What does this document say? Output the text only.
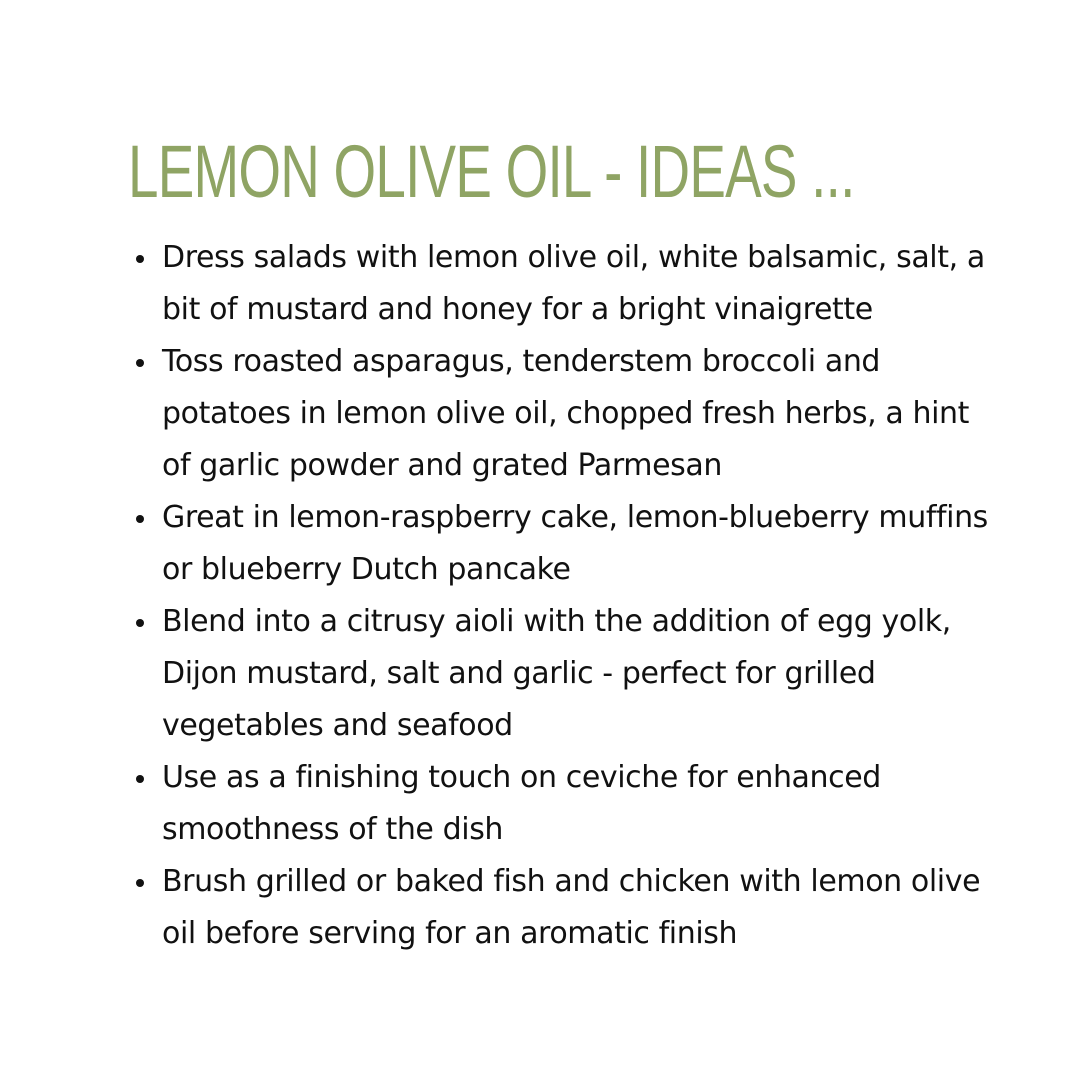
LEMON OLIVE OIL - IDEAS ...
Dress salads with lemon olive oil, white balsamic, salt, a bit of mustard and honey for a bright vinaigrette
Toss roasted asparagus, tenderstem broccoli and potatoes in lemon olive oil, chopped fresh herbs, a hint of garlic powder and grated Parmesan
Great in lemon-raspberry cake, lemon-blueberry muffins or blueberry Dutch pancake
Blend into a citrusy aioli with the addition of egg yolk, Dijon mustard, salt and garlic - perfect for grilled vegetables and seafood
Use as a finishing touch on ceviche for enhanced smoothness of the dish
Brush grilled or baked fish and chicken with lemon olive oil before serving for an aromatic finish
